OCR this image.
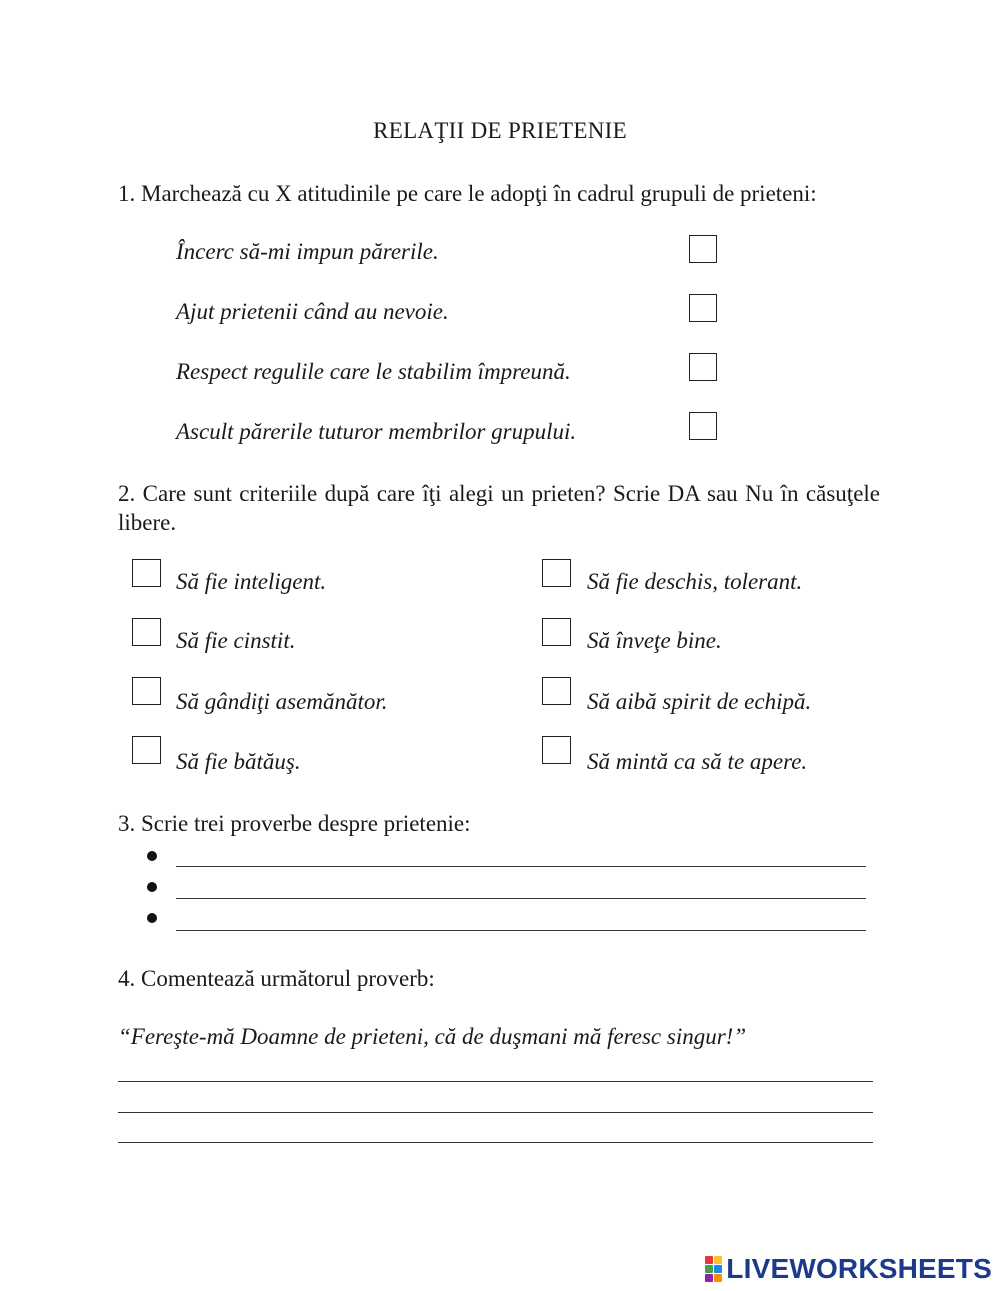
RELAŢII DE PRIETENIE
1. Marchează cu X atitudinile pe care le adopţi în cadrul grupuli de prieteni:
Încerc să-mi impun părerile.
Ajut prietenii când au nevoie.
Respect regulile care le stabilim împreună.
Ascult părerile tuturor membrilor grupului.
2. Care sunt criteriile după care îţi alegi un prieten? Scrie DA sau Nu în căsuţele libere.
Să fie inteligent.	Să fie deschis, tolerant.
Să fie cinstit.	Să înveţe bine.
Să gândiţi asemănător.	Să aibă spirit de echipă.
Să fie bătăuş.	Să mintă ca să te apere.
3. Scrie trei proverbe despre prietenie:
4. Comentează următorul proverb:
“Fereşte-mă Doamne de prieteni, că de duşmani mă feresc singur!”
LIVEWORKSHEETS
